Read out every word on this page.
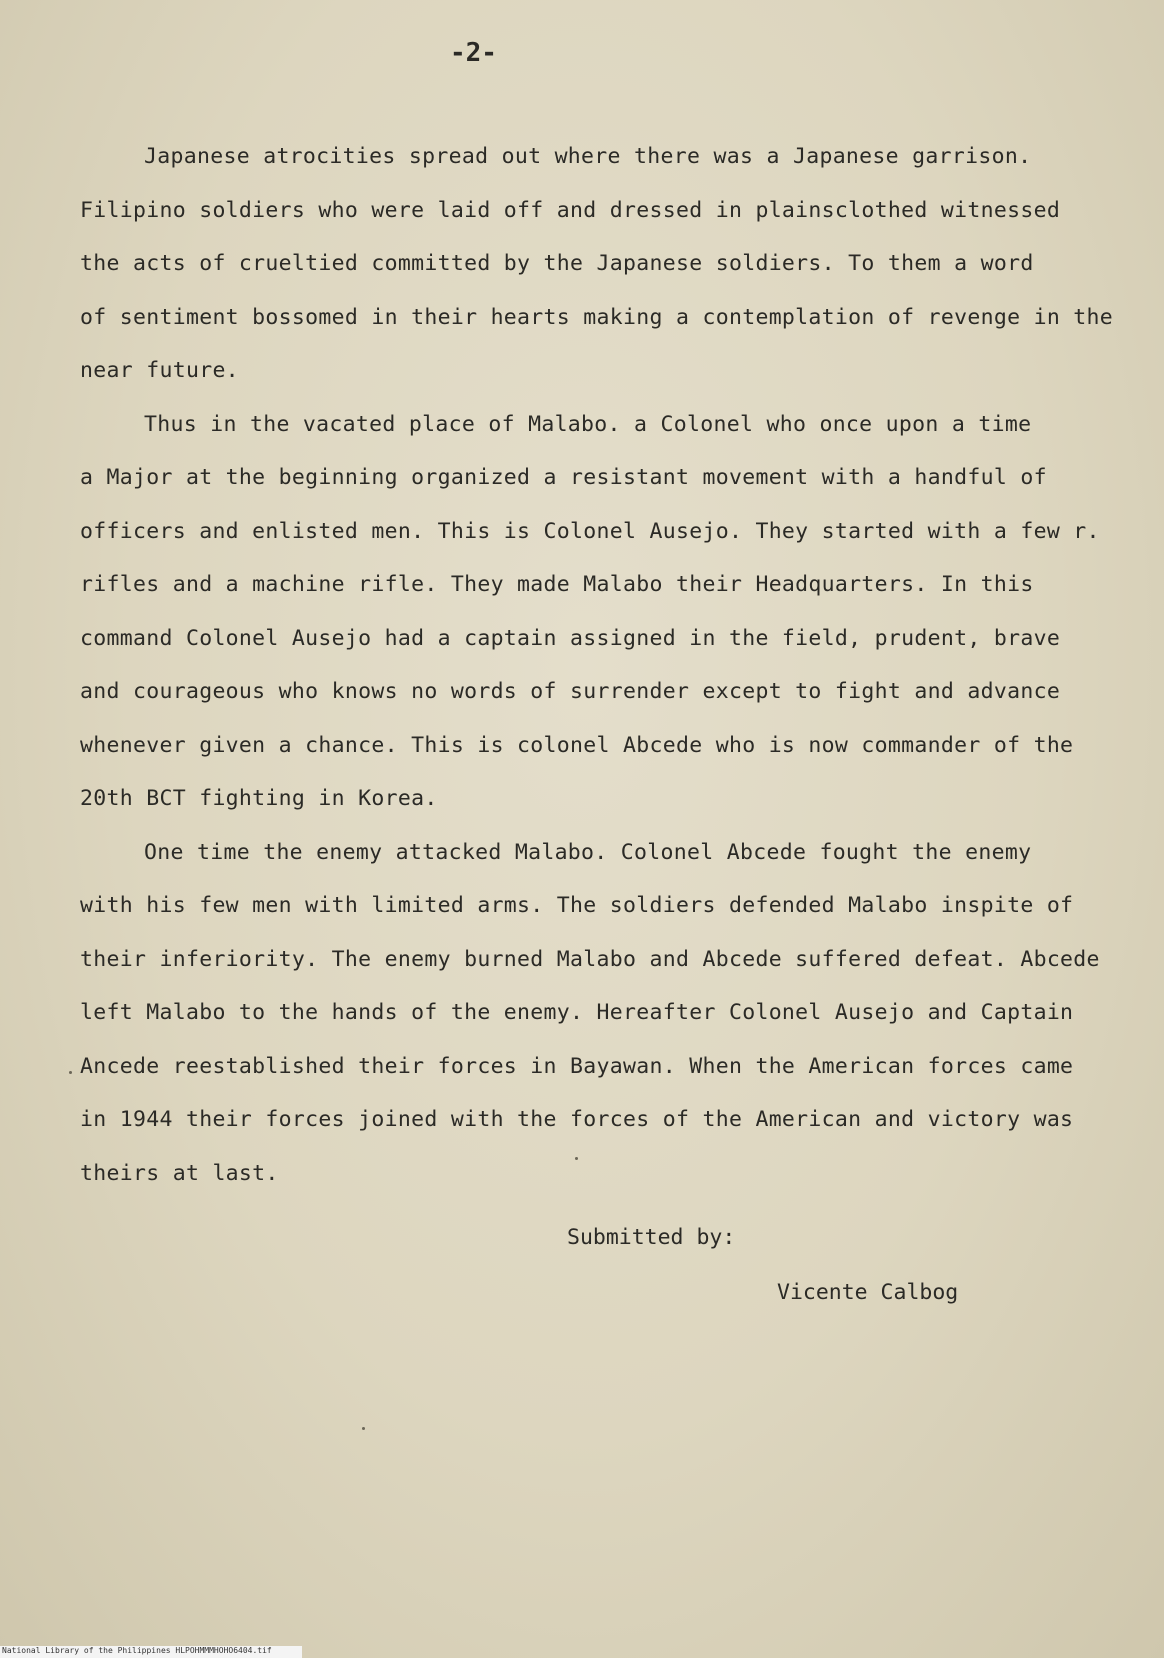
-2-
Japanese atrocities spread out where there was a Japanese garrison.
Filipino soldiers who were laid off and dressed in plainsclothed witnessed
the acts of crueltied committed by the Japanese soldiers. To them a word
of sentiment bossomed in their hearts making a contemplation of revenge in the
near future.
Thus in the vacated place of Malabo. a Colonel who once upon a time
a Major at the beginning organized a resistant movement with a handful of
officers and enlisted men. This is Colonel Ausejo. They started with a few r.
rifles and a machine rifle. They made Malabo their Headquarters. In this
command Colonel Ausejo had a captain assigned in the field, prudent, brave
and courageous who knows no words of surrender except to fight and advance
whenever given a chance. This is colonel Abcede who is now commander of the
20th BCT fighting in Korea.
One time the enemy attacked Malabo. Colonel Abcede fought the enemy
with his few men with limited arms. The soldiers defended Malabo inspite of
their inferiority. The enemy burned Malabo and Abcede suffered defeat. Abcede
left Malabo to the hands of the enemy. Hereafter Colonel Ausejo and Captain
Ancede reestablished their forces in Bayawan. When the American forces came
in 1944 their forces joined with the forces of the American and victory was
theirs at last.
Submitted by:
Vicente Calbog
National Library of the Philippines HLPOHMMMHOHO6404.tif
